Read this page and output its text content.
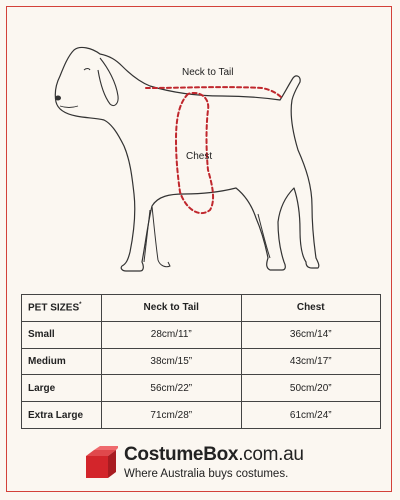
Neck to Tail
Chest
PET SIZES*	Neck to Tail	Chest
Small	28cm/11”	36cm/14”
Medium	38cm/15”	43cm/17”
Large	56cm/22”	50cm/20”
Extra Large	71cm/28”	61cm/24”
CostumeBox.com.au
Where Australia buys costumes.
